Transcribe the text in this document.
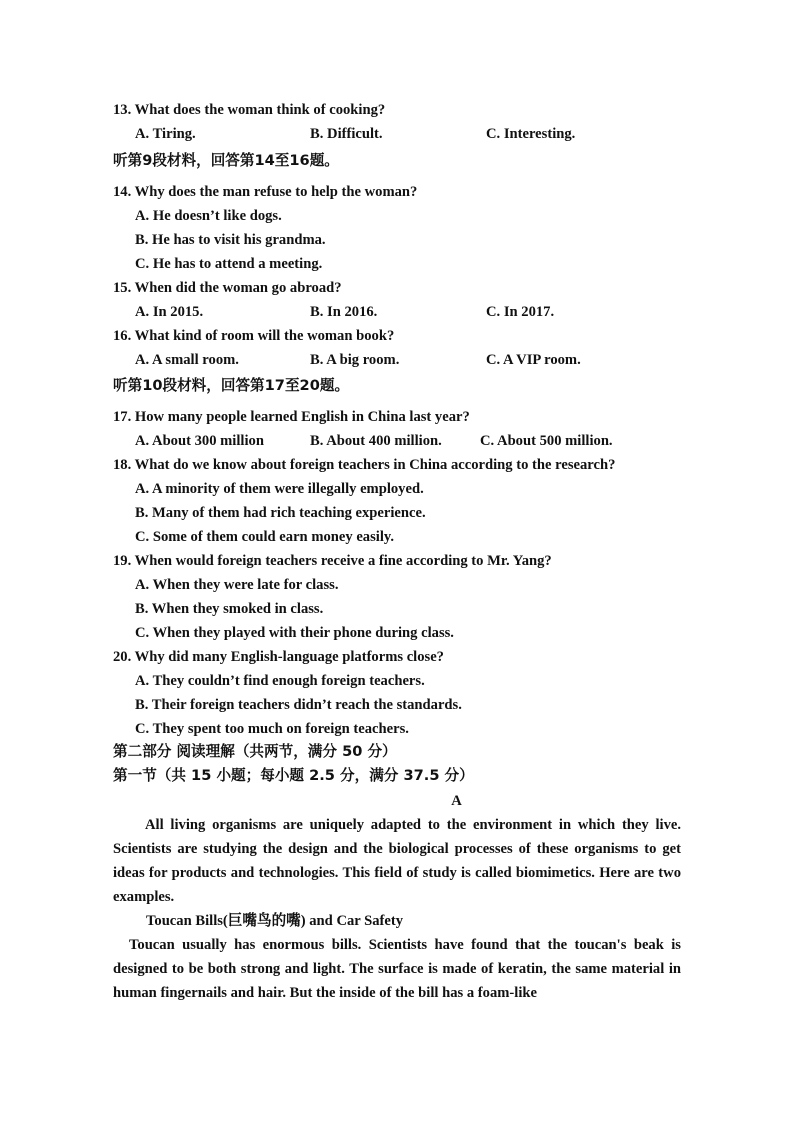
13. What does the woman think of cooking?
A. Tiring.	B. Difficult.	C. Interesting.
听第9段材料，回答第14至16题。
14. Why does the man refuse to help the woman?
A. He doesn’t like dogs.
B. He has to visit his grandma.
C. He has to attend a meeting.
15. When did the woman go abroad?
A. In 2015.	B. In 2016.	C. In 2017.
16. What kind of room will the woman book?
A. A small room.	B. A big room.	C. A VIP room.
听第10段材料，回答第17至20题。
17. How many people learned English in China last year?
A. About 300 million	B. About 400 million.	C. About 500 million.
18. What do we know about foreign teachers in China according to the research?
A. A minority of them were illegally employed.
B. Many of them had rich teaching experience.
C. Some of them could earn money easily.
19. When would foreign teachers receive a fine according to Mr. Yang?
A. When they were late for class.
B. When they smoked in class.
C. When they played with their phone during class.
20. Why did many English-language platforms close?
A. They couldn’t find enough foreign teachers.
B. Their foreign teachers didn’t reach the standards.
C. They spent too much on foreign teachers.
第二部分 阅读理解（共两节，满分 50 分）
第一节（共 15 小题；每小题 2.5 分，满分 37.5 分）
A

All living organisms are uniquely adapted to the environment in which they live. Scientists are studying the design and the biological processes of these organisms to get ideas for products and technologies. This field of study is called biomimetics. Here are two examples.

Toucan Bills(巨嘴鸟的嘴) and Car Safety

Toucan usually has enormous bills. Scientists have found that the toucan's beak is designed to be both strong and light. The surface is made of keratin, the same material in human fingernails and hair. But the inside of the bill has a foam-like
